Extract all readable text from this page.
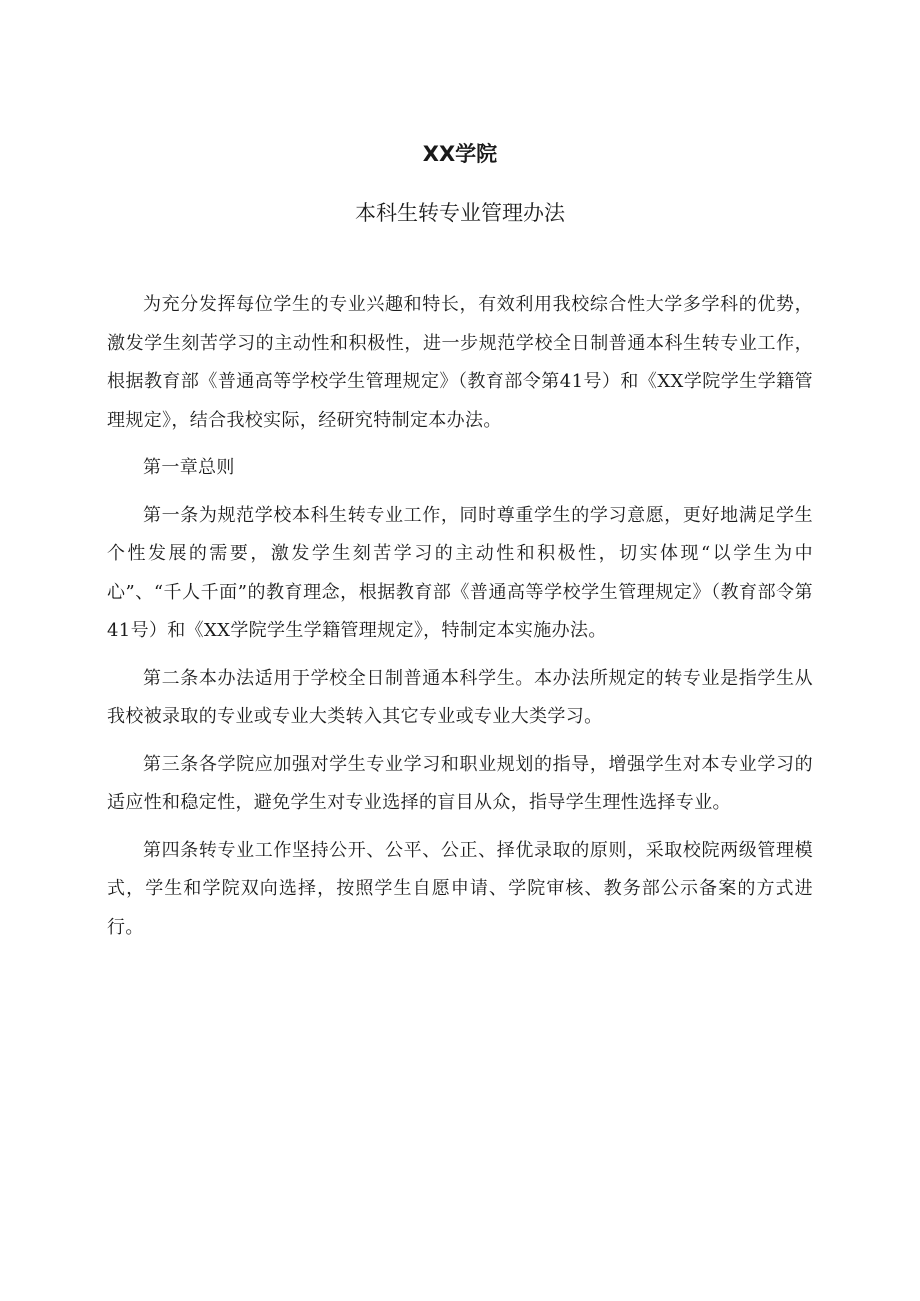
XX学院
本科生转专业管理办法

为充分发挥每位学生的专业兴趣和特长，有效利用我校综合性大学多学科的优势，激发学生刻苦学习的主动性和积极性，进一步规范学校全日制普通本科生转专业工作，根据教育部《普通高等学校学生管理规定》（教育部令第41号）和《XX学院学生学籍管理规定》，结合我校实际，经研究特制定本办法。

第一章总则

第一条为规范学校本科生转专业工作，同时尊重学生的学习意愿，更好地满足学生个性发展的需要，激发学生刻苦学习的主动性和积极性，切实体现“以学生为中心”、“千人千面”的教育理念，根据教育部《普通高等学校学生管理规定》（教育部令第41号）和《XX学院学生学籍管理规定》，特制定本实施办法。

第二条本办法适用于学校全日制普通本科学生。本办法所规定的转专业是指学生从我校被录取的专业或专业大类转入其它专业或专业大类学习。

第三条各学院应加强对学生专业学习和职业规划的指导，增强学生对本专业学习的适应性和稳定性，避免学生对专业选择的盲目从众，指导学生理性选择专业。

第四条转专业工作坚持公开、公平、公正、择优录取的原则，采取校院两级管理模式，学生和学院双向选择，按照学生自愿申请、学院审核、教务部公示备案的方式进行。
